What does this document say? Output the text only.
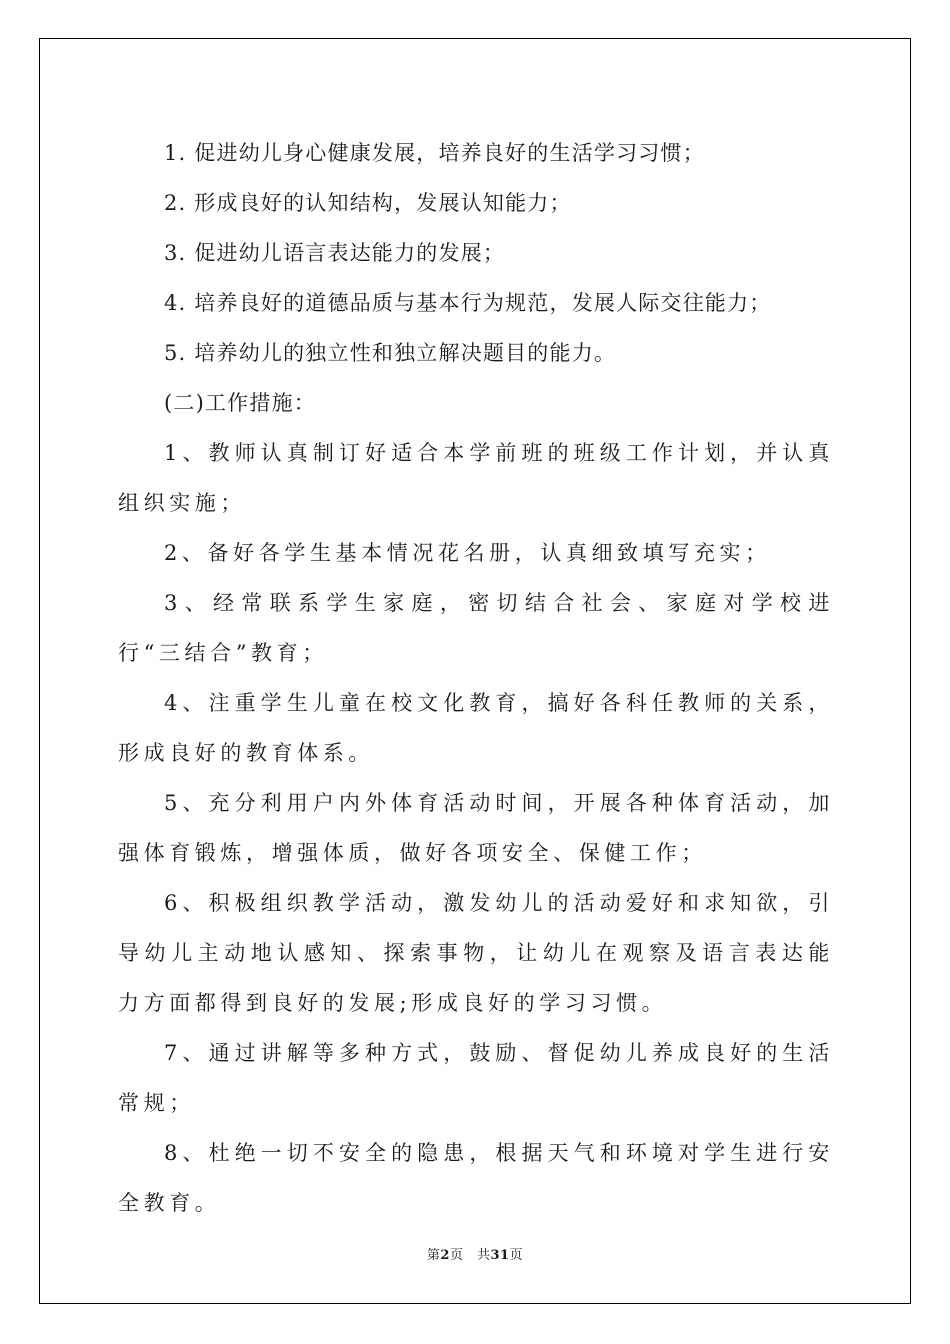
1. 促进幼儿身心健康发展，培养良好的生活学习习惯；
2. 形成良好的认知结构，发展认知能力；
3. 促进幼儿语言表达能力的发展；
4. 培养良好的道德品质与基本行为规范，发展人际交往能力；
5. 培养幼儿的独立性和独立解决题目的能力。
(二)工作措施：
1、教师认真制订好适合本学前班的班级工作计划，并认真组织实施；
2、备好各学生基本情况花名册，认真细致填写充实；
3、经常联系学生家庭，密切结合社会、家庭对学校进行“三结合”教育；
4、注重学生儿童在校文化教育，搞好各科任教师的关系，形成良好的教育体系。
5、充分利用户内外体育活动时间，开展各种体育活动，加强体育锻炼，增强体质，做好各项安全、保健工作；
6、积极组织教学活动，激发幼儿的活动爱好和求知欲，引导幼儿主动地认感知、探索事物，让幼儿在观察及语言表达能力方面都得到良好的发展;形成良好的学习习惯。
7、通过讲解等多种方式，鼓励、督促幼儿养成良好的生活常规；
8、杜绝一切不安全的隐患，根据天气和环境对学生进行安全教育。
第2页　共31页
